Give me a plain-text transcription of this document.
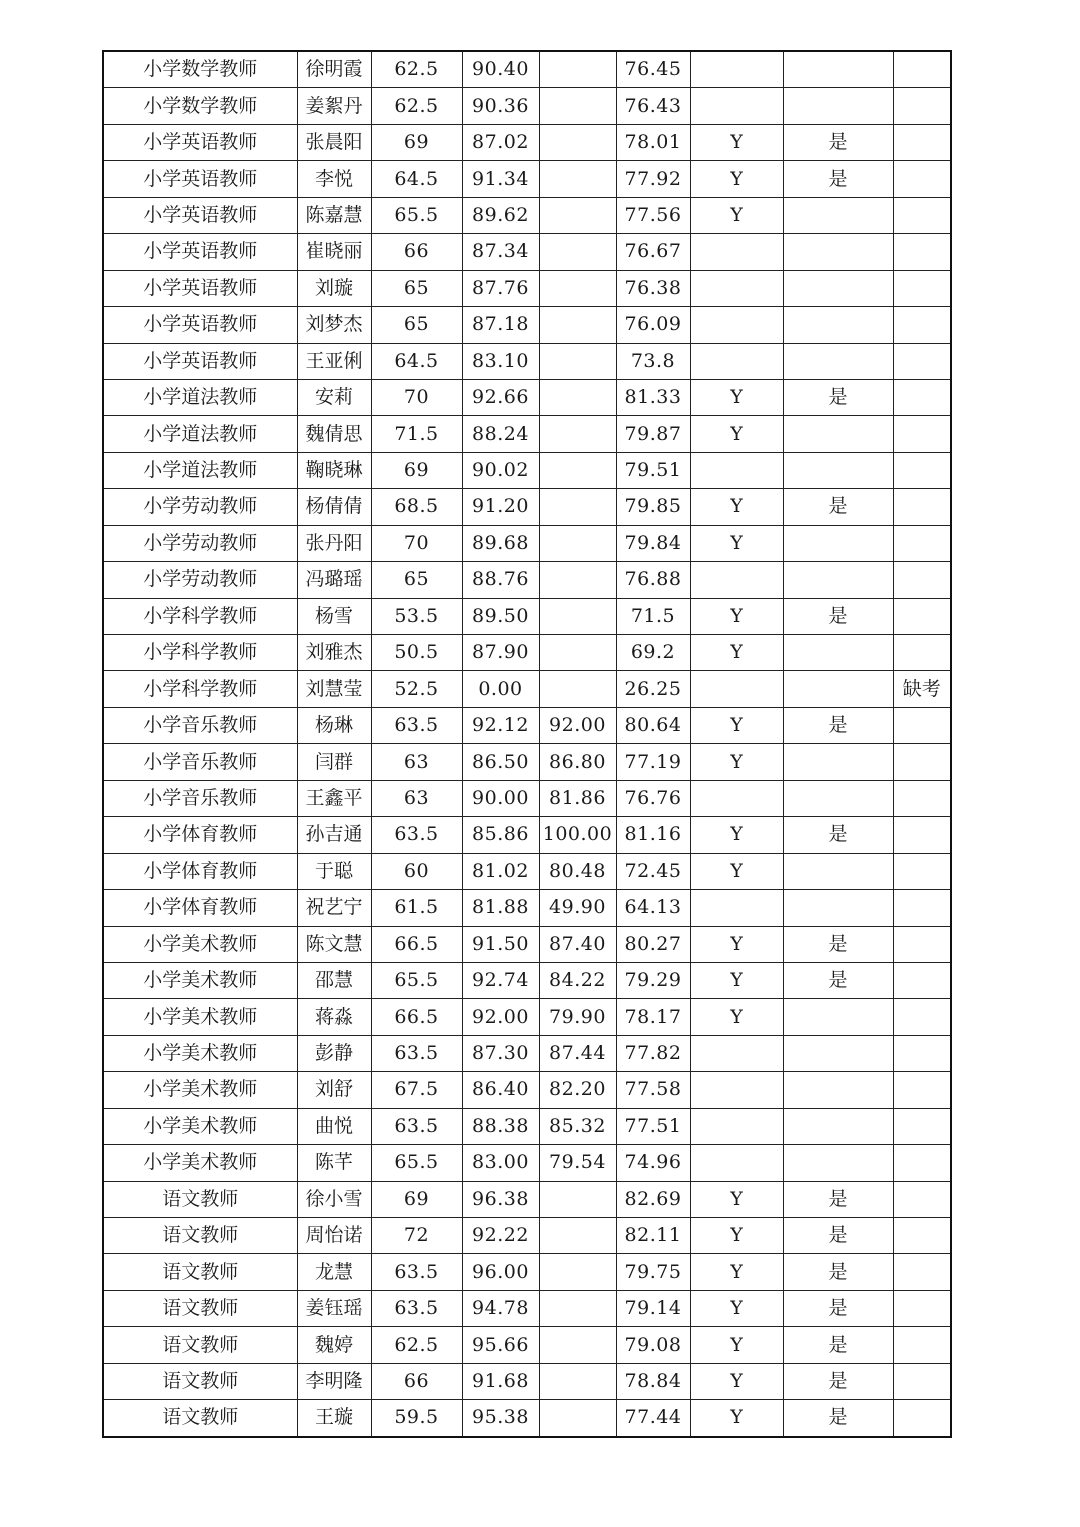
小学数学教师	徐明霞	62.5	90.40		76.45			
小学数学教师	姜絮丹	62.5	90.36		76.43			
小学英语教师	张晨阳	69	87.02		78.01	Y	是	
小学英语教师	李悦	64.5	91.34		77.92	Y	是	
小学英语教师	陈嘉慧	65.5	89.62		77.56	Y		
小学英语教师	崔晓丽	66	87.34		76.67			
小学英语教师	刘璇	65	87.76		76.38			
小学英语教师	刘梦杰	65	87.18		76.09			
小学英语教师	王亚俐	64.5	83.10		73.8			
小学道法教师	安莉	70	92.66		81.33	Y	是	
小学道法教师	魏倩思	71.5	88.24		79.87	Y		
小学道法教师	鞠晓琳	69	90.02		79.51			
小学劳动教师	杨倩倩	68.5	91.20		79.85	Y	是	
小学劳动教师	张丹阳	70	89.68		79.84	Y		
小学劳动教师	冯璐瑶	65	88.76		76.88			
小学科学教师	杨雪	53.5	89.50		71.5	Y	是	
小学科学教师	刘雅杰	50.5	87.90		69.2	Y		
小学科学教师	刘慧莹	52.5	0.00		26.25			缺考
小学音乐教师	杨琳	63.5	92.12	92.00	80.64	Y	是	
小学音乐教师	闫群	63	86.50	86.80	77.19	Y		
小学音乐教师	王鑫平	63	90.00	81.86	76.76			
小学体育教师	孙吉通	63.5	85.86	100.00	81.16	Y	是	
小学体育教师	于聪	60	81.02	80.48	72.45	Y		
小学体育教师	祝艺宁	61.5	81.88	49.90	64.13			
小学美术教师	陈文慧	66.5	91.50	87.40	80.27	Y	是	
小学美术教师	邵慧	65.5	92.74	84.22	79.29	Y	是	
小学美术教师	蒋淼	66.5	92.00	79.90	78.17	Y		
小学美术教师	彭静	63.5	87.30	87.44	77.82			
小学美术教师	刘舒	67.5	86.40	82.20	77.58			
小学美术教师	曲悦	63.5	88.38	85.32	77.51			
小学美术教师	陈芊	65.5	83.00	79.54	74.96			
语文教师	徐小雪	69	96.38		82.69	Y	是	
语文教师	周怡诺	72	92.22		82.11	Y	是	
语文教师	龙慧	63.5	96.00		79.75	Y	是	
语文教师	姜钰瑶	63.5	94.78		79.14	Y	是	
语文教师	魏婷	62.5	95.66		79.08	Y	是	
语文教师	李明隆	66	91.68		78.84	Y	是	
语文教师	王璇	59.5	95.38		77.44	Y	是	
